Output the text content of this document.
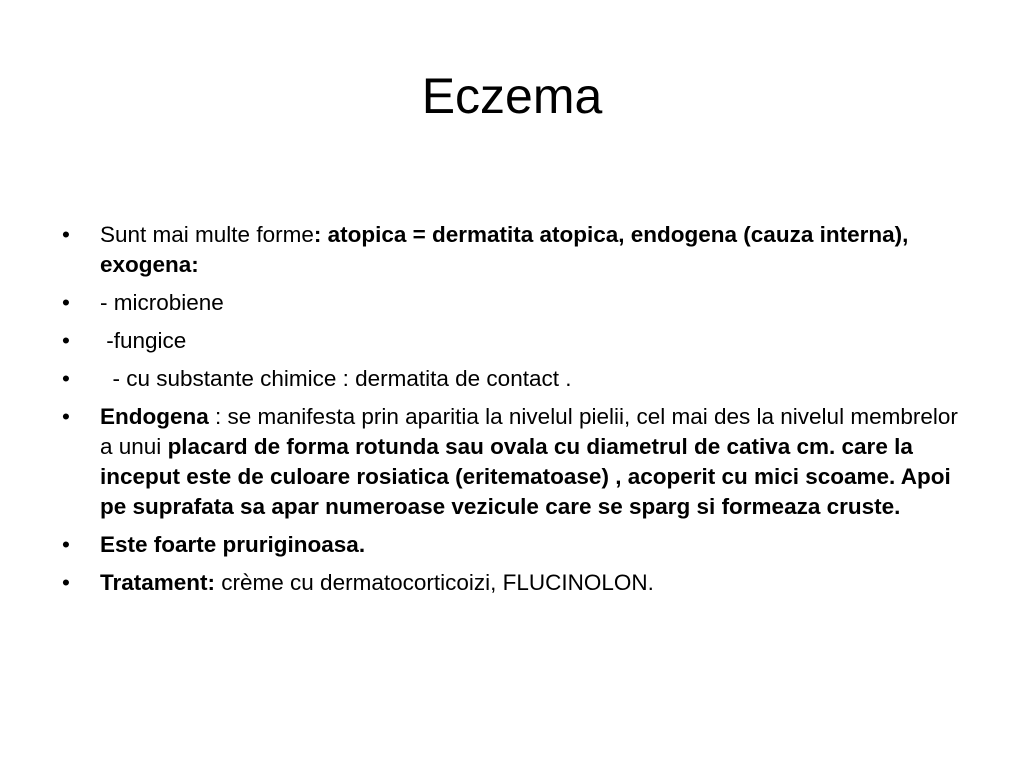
Eczema
•	Sunt mai multe forme: atopica = dermatita atopica, endogena (cauza interna), exogena:
•	- microbiene
•	-fungice
•	- cu substante chimice : dermatita de contact .
•	Endogena : se manifesta prin aparitia la nivelul pielii, cel mai des la nivelul membrelor a unui placard de forma rotunda sau ovala cu diametrul de cativa cm. care la inceput este de culoare rosiatica (eritematoase) , acoperit cu mici scoame. Apoi  pe suprafata sa apar numeroase vezicule care se sparg si formeaza cruste.
•	Este foarte pruriginoasa.
•	Tratament: crème cu dermatocorticoizi, FLUCINOLON.
